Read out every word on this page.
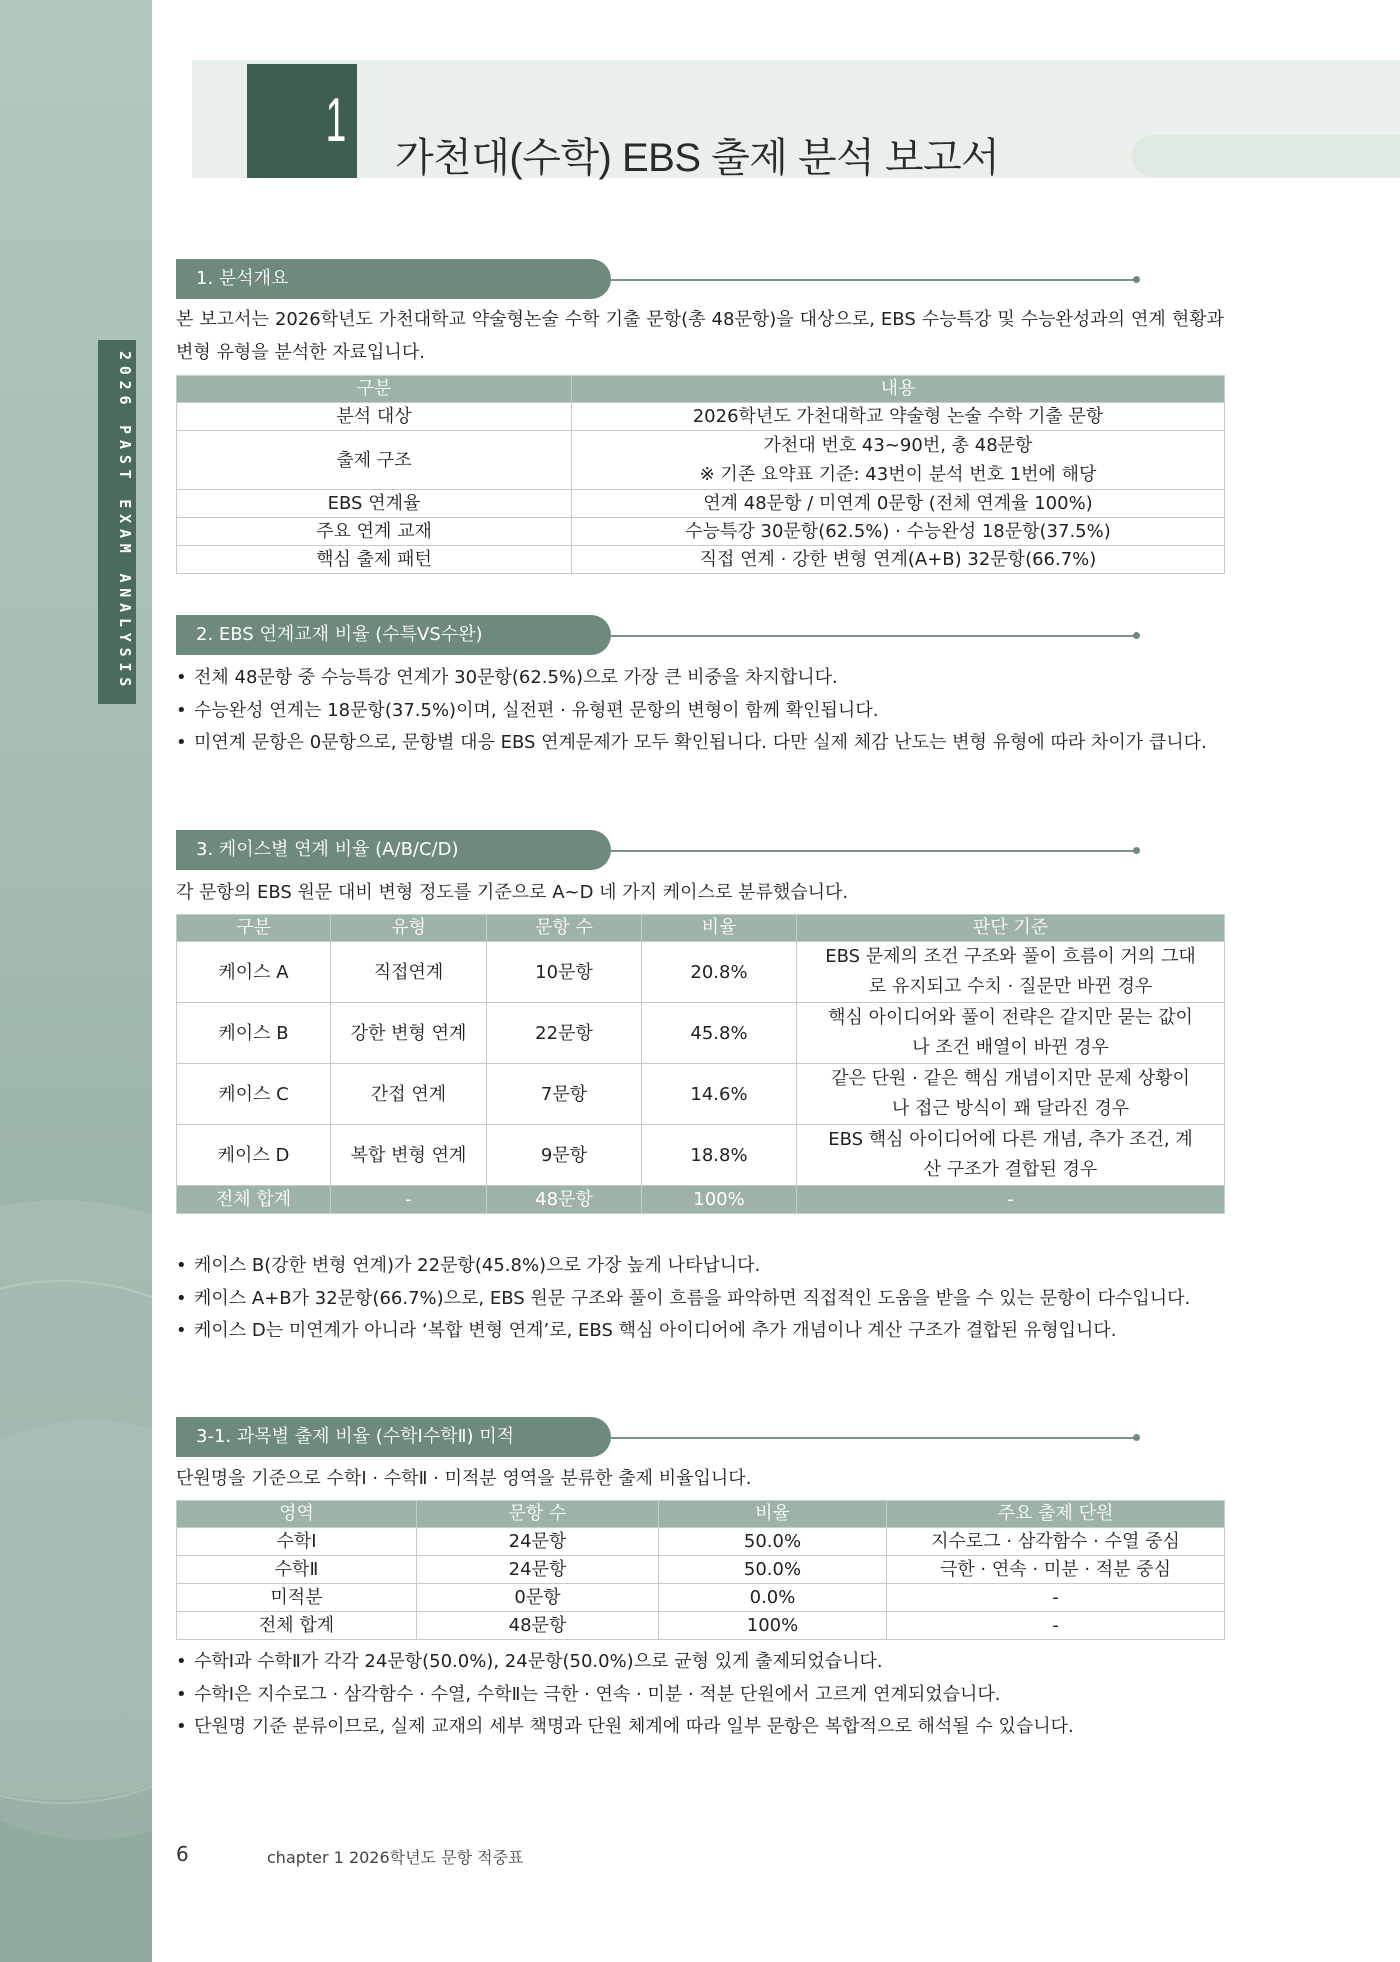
2026 PAST EXAM ANALYSIS
1
가천대(수학) EBS 출제 분석 보고서
1. 분석개요
본 보고서는 2026학년도 가천대학교 약술형논술 수학 기출 문항(총 48문항)을 대상으로, EBS 수능특강 및 수능완성과의 연계 현황과 변형 유형을 분석한 자료입니다.
구분	내용
분석 대상	2026학년도 가천대학교 약술형 논술 수학 기출 문항
출제 구조	가천대 번호 43~90번, 총 48문항
※ 기존 요약표 기준: 43번이 분석 번호 1번에 해당

EBS 연계율	연계 48문항 / 미연계 0문항 (전체 연계율 100%)
주요 연계 교재	수능특강 30문항(62.5%) · 수능완성 18문항(37.5%)
핵심 출제 패턴	직접 연계 · 강한 변형 연계(A+B) 32문항(66.7%)
2. EBS 연계교재 비율 (수특VS수완)
• 전체 48문항 중 수능특강 연계가 30문항(62.5%)으로 가장 큰 비중을 차지합니다.
• 수능완성 연계는 18문항(37.5%)이며, 실전편 · 유형편 문항의 변형이 함께 확인됩니다.
• 미연계 문항은 0문항으로, 문항별 대응 EBS 연계문제가 모두 확인됩니다. 다만 실제 체감 난도는 변형 유형에 따라 차이가 큽니다.
3. 케이스별 연계 비율 (A/B/C/D)
각 문항의 EBS 원문 대비 변형 정도를 기준으로 A~D 네 가지 케이스로 분류했습니다.
구분	유형	문항 수	비율	판단 기준
케이스 A	직접연계	10문항	20.8%	EBS 문제의 조건 구조와 풀이 흐름이 거의 그대로 유지되고 수치 · 질문만 바뀐 경우
케이스 B	강한 변형 연계	22문항	45.8%	핵심 아이디어와 풀이 전략은 같지만 묻는 값이나 조건 배열이 바뀐 경우
케이스 C	간접 연계	7문항	14.6%	같은 단원 · 같은 핵심 개념이지만 문제 상황이나 접근 방식이 꽤 달라진 경우
케이스 D	복합 변형 연계	9문항	18.8%	EBS 핵심 아이디어에 다른 개념, 추가 조건, 계산 구조가 결합된 경우
전체 합계	-	48문항	100%	-
• 케이스 B(강한 변형 연계)가 22문항(45.8%)으로 가장 높게 나타납니다.
• 케이스 A+B가 32문항(66.7%)으로, EBS 원문 구조와 풀이 흐름을 파악하면 직접적인 도움을 받을 수 있는 문항이 다수입니다.
• 케이스 D는 미연계가 아니라 ‘복합 변형 연계’로, EBS 핵심 아이디어에 추가 개념이나 계산 구조가 결합된 유형입니다.
3-1. 과목별 출제 비율 (수학Ⅰ수학Ⅱ) 미적
단원명을 기준으로 수학Ⅰ · 수학Ⅱ · 미적분 영역을 분류한 출제 비율입니다.
영역	문항 수	비율	주요 출제 단원
수학Ⅰ	24문항	50.0%	지수로그 · 삼각함수 · 수열 중심
수학Ⅱ	24문항	50.0%	극한 · 연속 · 미분 · 적분 중심
미적분	0문항	0.0%	-
전체 합계	48문항	100%	-
• 수학Ⅰ과 수학Ⅱ가 각각 24문항(50.0%), 24문항(50.0%)으로 균형 있게 출제되었습니다.
• 수학Ⅰ은 지수로그 · 삼각함수 · 수열, 수학Ⅱ는 극한 · 연속 · 미분 · 적분 단원에서 고르게 연계되었습니다.
• 단원명 기준 분류이므로, 실제 교재의 세부 책명과 단원 체계에 따라 일부 문항은 복합적으로 해석될 수 있습니다.
6	chapter 1 2026학년도 문항 적중표
